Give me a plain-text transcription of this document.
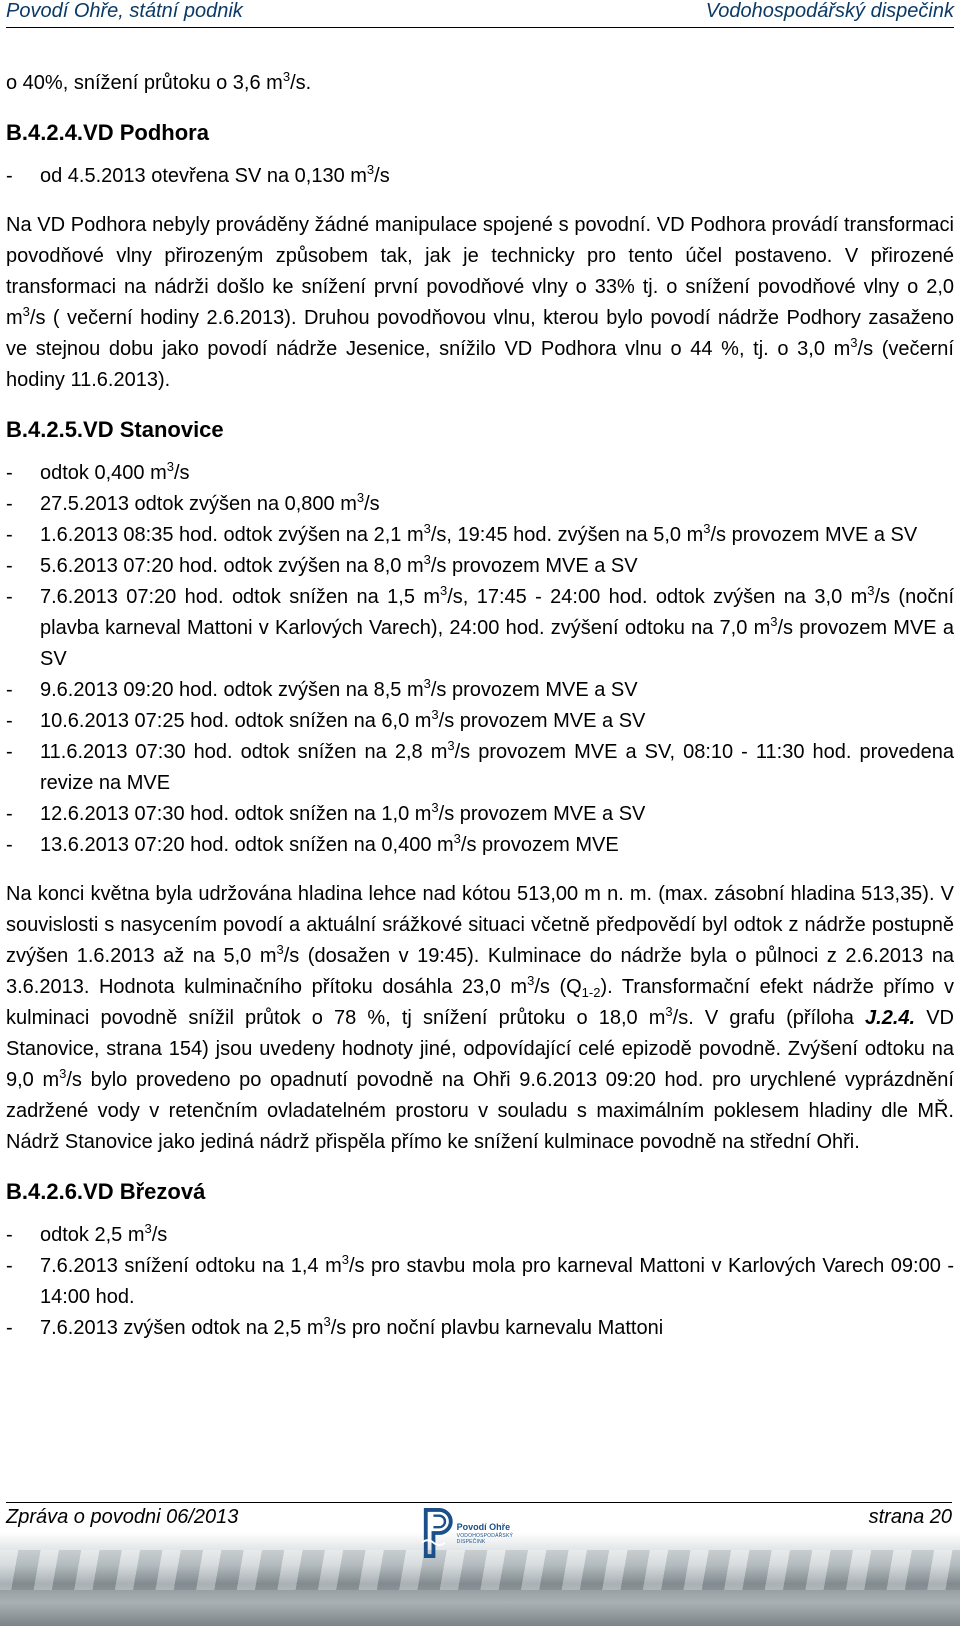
Povodí Ohře, státní podnik	Vodohospodářský dispečink

o 40%, snížení průtoku o 3,6 $m^3/s$.

B.4.2.4.VD Podhora

- od 4.5.2013 otevřena SV na 0,130 $m^3/s$

Na VD Podhora nebyly prováděny žádné manipulace spojené s povodní. VD Podhora provádí transformaci povodňové vlny přirozeným způsobem tak, jak je technicky pro tento účel postaveno. V přirozené transformaci na nádrži došlo ke snížení první povodňové vlny o 33% tj. o snížení povodňové vlny o 2,0 $m^3/s$ ( večerní hodiny 2.6.2013). Druhou povodňovou vlnu, kterou bylo povodí nádrže Podhory zasaženo ve stejnou dobu jako povodí nádrže Jesenice, snížilo VD Podhora vlnu o 44 %, tj. o 3,0 $m^3/s$ (večerní hodiny 11.6.2013).

B.4.2.5.VD Stanovice

- odtok 0,400 $m^3/s$
- 27.5.2013 odtok zvýšen na 0,800 $m^3/s$
- 1.6.2013 08:35 hod. odtok zvýšen na 2,1 $m^3/s$, 19:45 hod. zvýšen na 5,0 $m^3/s$ provozem MVE a SV
- 5.6.2013 07:20 hod. odtok zvýšen na 8,0 $m^3/s$ provozem MVE a SV
- 7.6.2013 07:20 hod. odtok snížen na 1,5 $m^3/s$, 17:45 - 24:00 hod. odtok zvýšen na 3,0 $m^3/s$ (noční plavba karneval Mattoni v Karlových Varech), 24:00 hod. zvýšení odtoku na 7,0 $m^3/s$ provozem MVE a SV
- 9.6.2013 09:20 hod. odtok zvýšen na 8,5 $m^3/s$ provozem MVE a SV
- 10.6.2013 07:25 hod. odtok snížen na 6,0 $m^3/s$ provozem MVE a SV
- 11.6.2013 07:30 hod. odtok snížen na 2,8 $m^3/s$ provozem MVE a SV, 08:10 - 11:30 hod. provedena revize na MVE
- 12.6.2013 07:30 hod. odtok snížen na 1,0 $m^3/s$ provozem MVE a SV
- 13.6.2013 07:20 hod. odtok snížen na 0,400 $m^3/s$ provozem MVE

Na konci května byla udržována hladina lehce nad kótou 513,00 m n. m. (max. zásobní hladina 513,35). V souvislosti s nasycením povodí a aktuální srážkové situaci včetně předpovědí byl odtok z nádrže postupně zvýšen 1.6.2013 až na 5,0 $m^3/s$ (dosažen v 19:45). Kulminace do nádrže byla o půlnoci z 2.6.2013 na 3.6.2013. Hodnota kulminačního přítoku dosáhla 23,0 $m^3/s$ $(Q_{1-2})$. Transformační efekt nádrže přímo v kulminaci povodně snížil průtok o 78 %, tj snížení průtoku o 18,0 $m^3/s$. V grafu (příloha J.2.4. VD Stanovice, strana 154) jsou uvedeny hodnoty jiné, odpovídající celé epizodě povodně. Zvýšení odtoku na 9,0 $m^3/s$ bylo provedeno po opadnutí povodně na Ohři 9.6.2013 09:20 hod. pro urychlené vyprázdnění zadržené vody v retenčním ovladatelném prostoru v souladu s maximálním poklesem hladiny dle MŘ. Nádrž Stanovice jako jediná nádrž přispěla přímo ke snížení kulminace povodně na střední Ohři.

B.4.2.6.VD Březová

- odtok 2,5 $m^3/s$
- 7.6.2013 snížení odtoku na 1,4 $m^3/s$ pro stavbu mola pro karneval Mattoni v Karlových Varech 09:00 - 14:00 hod.
- 7.6.2013 zvýšen odtok na 2,5 $m^3/s$ pro noční plavbu karnevalu Mattoni
Zpráva o povodni 06/2013	strana 20
Povodí Ohře
VODOHOSPODÁŘSKÝ DISPEČINK
